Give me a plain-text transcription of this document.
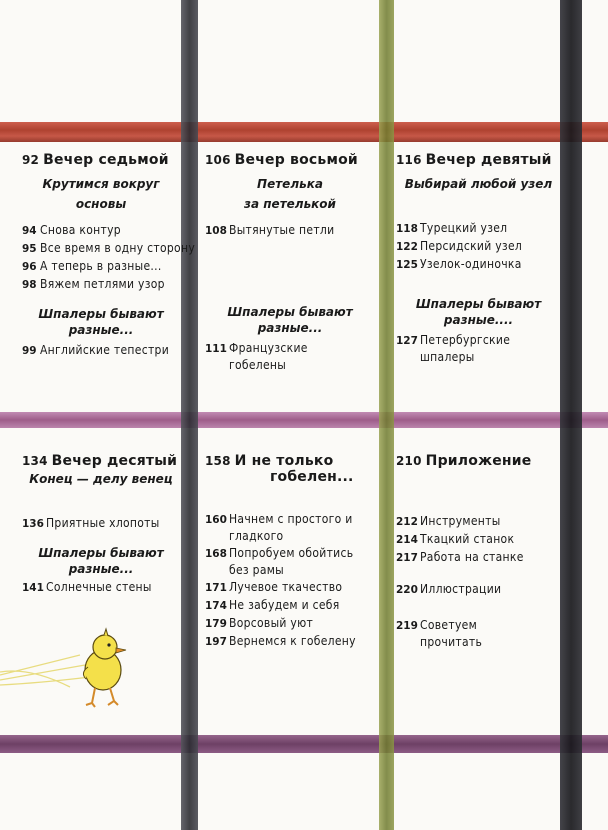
92 Вечер седьмой
Крутимся вокруг
основы
94 Снова контур
95 Все время в одну сторону
96 А теперь в разные...
98 Вяжем петлями узор
Шпалеры бывают
разные...
99 Английские тепестри
106 Вечер восьмой
Петелька
за петелькой
108 Вытянутые петли
Шпалеры бывают
разные...
111 Французские
гобелены
116 Вечер девятый
Выбирай любой узел
118 Турецкий узел
122 Персидский узел
125 Узелок-одиночка
Шпалеры бывают
разные....
127 Петербургские
шпалеры
134 Вечер десятый
Конец — делу венец
136 Приятные хлопоты
Шпалеры бывают
разные...
141 Солнечные стены
158 И не только
гобелен...
160 Начнем с простого и
гладкого
168 Попробуем обойтись
без рамы
171 Лучевое ткачество
174 Не забудем и себя
179 Ворсовый уют
197 Вернемся к гобелену
210 Приложение
212 Инструменты
214 Ткацкий станок
217 Работа на станке
220 Иллюстрации
219 Советуем
прочитать
